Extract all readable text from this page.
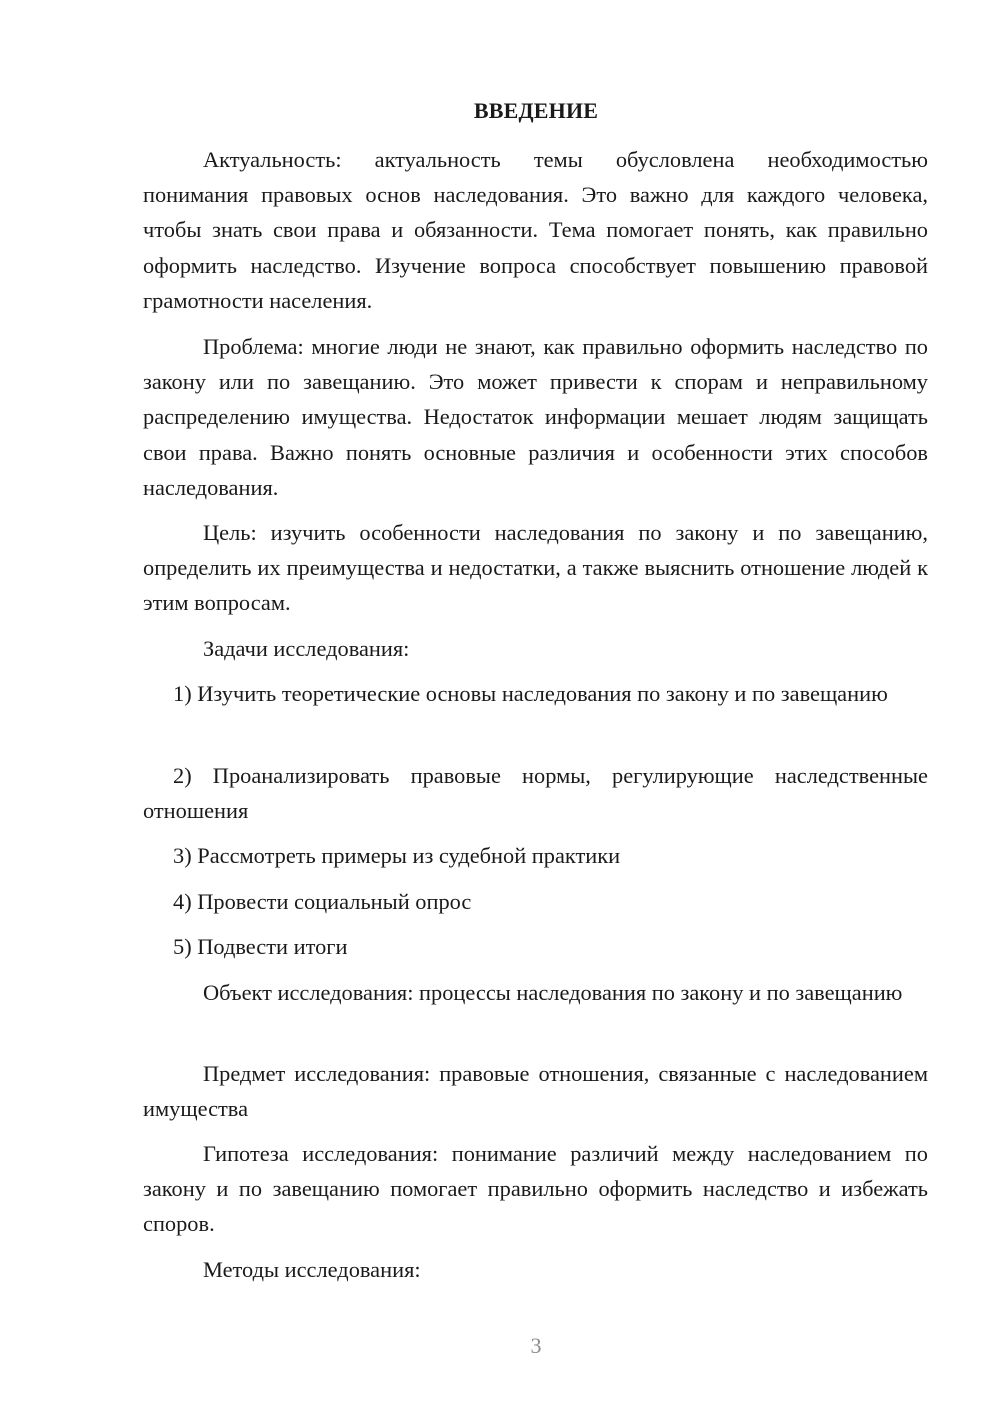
ВВЕДЕНИЕ

Актуальность: актуальность темы обусловлена необходимостью понимания правовых основ наследования. Это важно для каждого человека, чтобы знать свои права и обязанности. Тема помогает понять, как правильно оформить наследство. Изучение вопроса способствует повышению правовой грамотности населения.

Проблема: многие люди не знают, как правильно оформить наследство по закону или по завещанию. Это может привести к спорам и неправильному распределению имущества. Недостаток информации мешает людям защищать свои права. Важно понять основные различия и особенности этих способов наследования.

Цель: изучить особенности наследования по закону и по завещанию, определить их преимущества и недостатки, а также выяснить отношение людей к этим вопросам.

Задачи исследования:

1) Изучить теоретические основы наследования по закону и по завещанию

2) Проанализировать правовые нормы, регулирующие наследственные отношения

3) Рассмотреть примеры из судебной практики

4) Провести социальный опрос

5) Подвести итоги

Объект исследования: процессы наследования по закону и по завещанию

Предмет исследования: правовые отношения, связанные с наследованием имущества

Гипотеза исследования: понимание различий между наследованием по закону и по завещанию помогает правильно оформить наследство и избежать споров.

Методы исследования:

3
